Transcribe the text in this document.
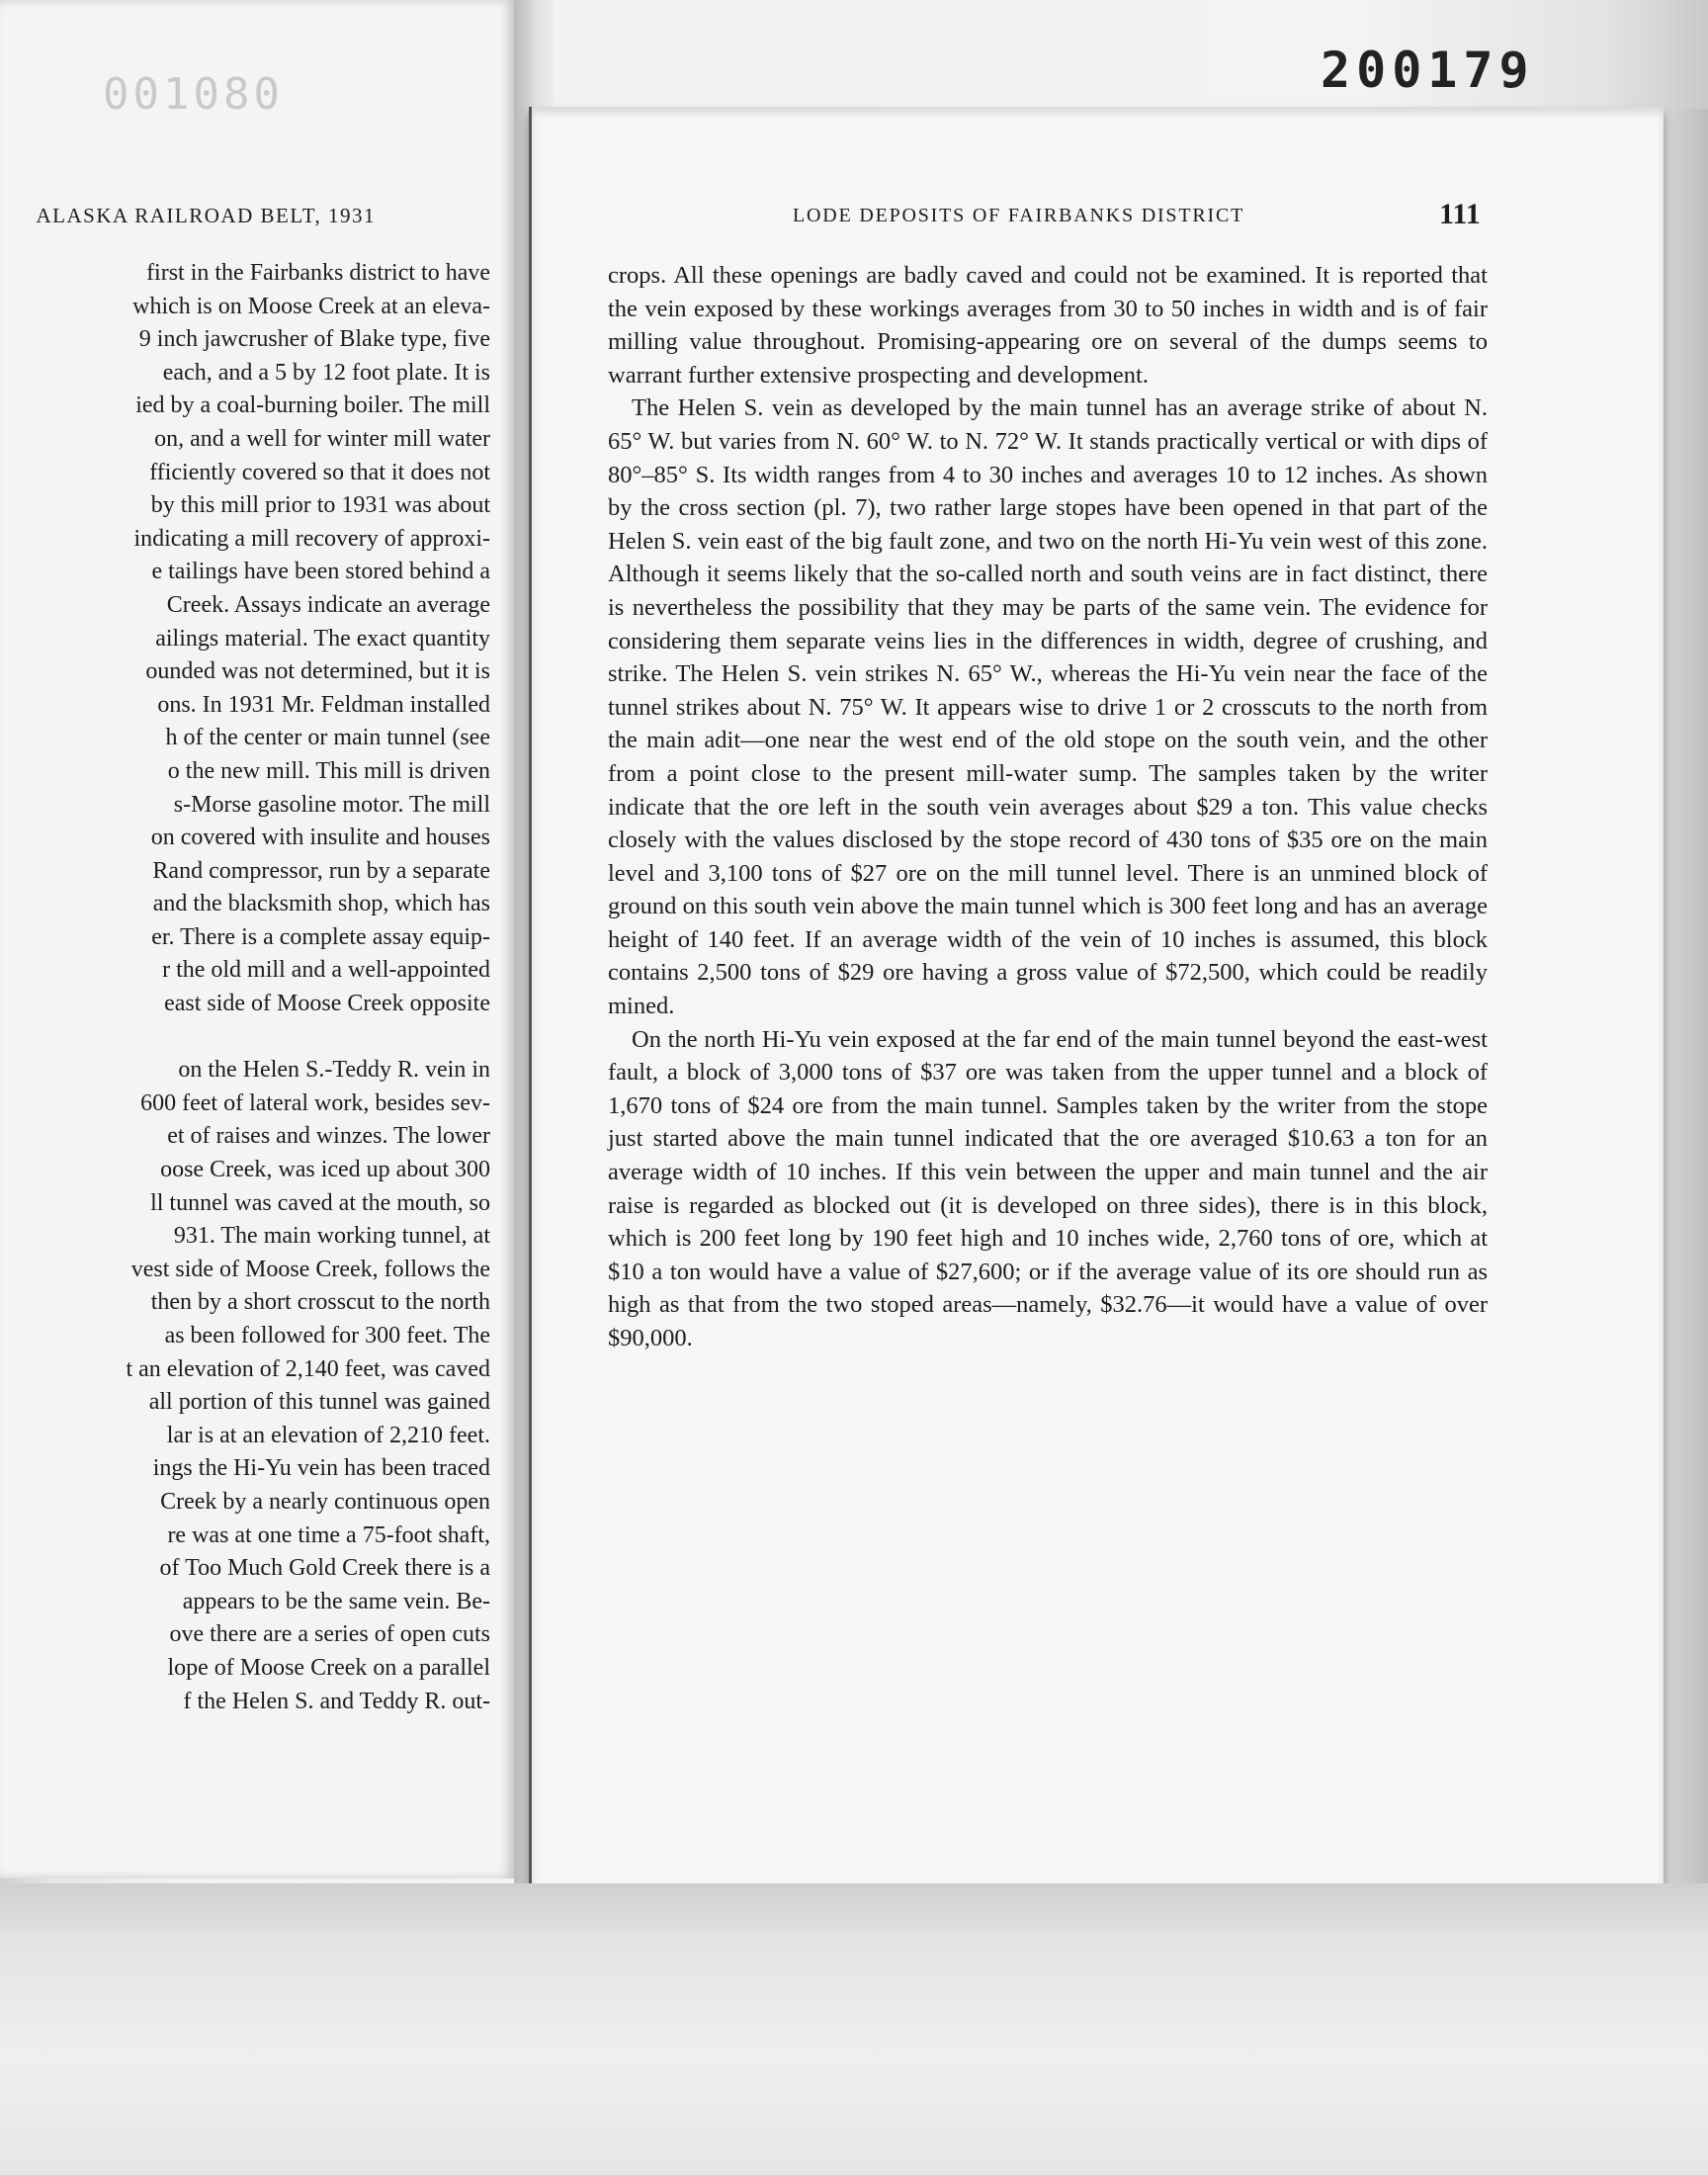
001080
ALASKA RAILROAD BELT, 1931
first in the Fairbanks district to have
which is on Moose Creek at an eleva-
9 inch jawcrusher of Blake type, five
each, and a 5 by 12 foot plate. It is
ied by a coal-burning boiler. The mill
on, and a well for winter mill water
fficiently covered so that it does not
by this mill prior to 1931 was about
indicating a mill recovery of approxi-
e tailings have been stored behind a
Creek. Assays indicate an average
ailings material. The exact quantity
ounded was not determined, but it is
ons. In 1931 Mr. Feldman installed
h of the center or main tunnel (see
o the new mill. This mill is driven
s-Morse gasoline motor. The mill
on covered with insulite and houses
Rand compressor, run by a separate
and the blacksmith shop, which has
er. There is a complete assay equip-
r the old mill and a well-appointed
east side of Moose Creek opposite
on the Helen S.-Teddy R. vein in
600 feet of lateral work, besides sev-
et of raises and winzes. The lower
oose Creek, was iced up about 300
ll tunnel was caved at the mouth, so
931. The main working tunnel, at
vest side of Moose Creek, follows the
then by a short crosscut to the north
as been followed for 300 feet. The
t an elevation of 2,140 feet, was caved
all portion of this tunnel was gained
lar is at an elevation of 2,210 feet.
ings the Hi-Yu vein has been traced
Creek by a nearly continuous open
re was at one time a 75-foot shaft,
of Too Much Gold Creek there is a
appears to be the same vein. Be-
ove there are a series of open cuts
lope of Moose Creek on a parallel
f the Helen S. and Teddy R. out-
200179
LODE DEPOSITS OF FAIRBANKS DISTRICT	111

crops. All these openings are badly caved and could not be examined. It is reported that the vein exposed by these workings averages from 30 to 50 inches in width and is of fair milling value throughout. Promising-appearing ore on several of the dumps seems to warrant further extensive prospecting and development.

The Helen S. vein as developed by the main tunnel has an average strike of about N. 65° W. but varies from N. 60° W. to N. 72° W. It stands practically vertical or with dips of 80°–85° S. Its width ranges from 4 to 30 inches and averages 10 to 12 inches. As shown by the cross section (pl. 7), two rather large stopes have been opened in that part of the Helen S. vein east of the big fault zone, and two on the north Hi-Yu vein west of this zone. Although it seems likely that the so-called north and south veins are in fact distinct, there is nevertheless the possibility that they may be parts of the same vein. The evidence for considering them separate veins lies in the differences in width, degree of crushing, and strike. The Helen S. vein strikes N. 65° W., whereas the Hi-Yu vein near the face of the tunnel strikes about N. 75° W. It appears wise to drive 1 or 2 crosscuts to the north from the main adit—one near the west end of the old stope on the south vein, and the other from a point close to the present mill-water sump. The samples taken by the writer indicate that the ore left in the south vein averages about $29 a ton. This value checks closely with the values disclosed by the stope record of 430 tons of $35 ore on the main level and 3,100 tons of $27 ore on the mill tunnel level. There is an unmined block of ground on this south vein above the main tunnel which is 300 feet long and has an average height of 140 feet. If an average width of the vein of 10 inches is assumed, this block contains 2,500 tons of $29 ore having a gross value of $72,500, which could be readily mined.

On the north Hi-Yu vein exposed at the far end of the main tunnel beyond the east-west fault, a block of 3,000 tons of $37 ore was taken from the upper tunnel and a block of 1,670 tons of $24 ore from the main tunnel. Samples taken by the writer from the stope just started above the main tunnel indicated that the ore averaged $10.63 a ton for an average width of 10 inches. If this vein between the upper and main tunnel and the air raise is regarded as blocked out (it is developed on three sides), there is in this block, which is 200 feet long by 190 feet high and 10 inches wide, 2,760 tons of ore, which at $10 a ton would have a value of $27,600; or if the average value of its ore should run as high as that from the two stoped areas—namely, $32.76—it would have a value of over $90,000.
